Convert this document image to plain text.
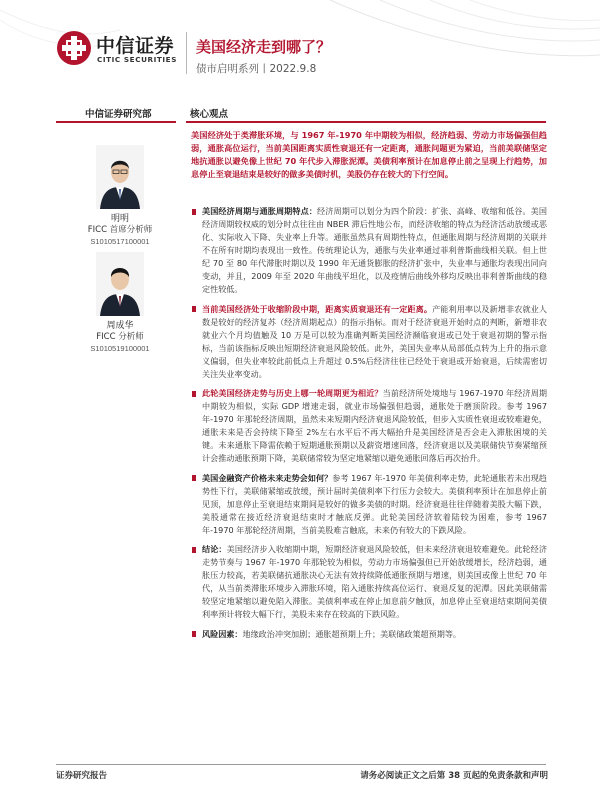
中信证券
CITIC SECURITIES
美国经济走到哪了？
债市启明系列丨2022.9.8
中信证券研究部	核心观点
明明
FICC 首席分析师
S1010517100001
周成华
FICC 分析师
S1010519100001
美国经济处于类滞胀环境，与 1967 年-1970 年中期较为相似，经济趋弱、劳动力市场偏强但趋弱，通胀高位运行，当前美国距离实质性衰退还有一定距离，通胀问题更为紧迫，当前美联储坚定地抗通胀以避免像上世纪 70 年代步入滞胀泥潭。美债利率预计在加息停止前之呈现上行趋势，加息停止至衰退结束是较好的做多美债时机，美股仍存在较大的下行空间。
美国经济周期与通胀周期特点：经济周期可以划分为四个阶段：扩张、高峰、收缩和低谷。美国经济周期较权威的划分时点往往由 NBER 滞后性地公布，而经济收缩的特点为经济活动放缓或恶化、实际收入下降、失业率上升等。通胀虽然具有周期性特点，但通胀周期与经济周期的关联并不在所有时期均表现出一致性。传统理论认为，通胀与失业率通过菲利普斯曲线相关联。但上世纪 70 至 80 年代滞胀时期以及 1990 年无通货膨胀的经济扩张中，失业率与通胀均表现出同向变动，并且，2009 年至 2020 年曲线平坦化，以及疫情后曲线外移均反映出菲利普斯曲线的稳定性较低。
当前美国经济处于收缩阶段中期，距离实质衰退还有一定距离。产能利用率以及新增非农就业人数是较好的经济复苏（经济周期起点）的指示指标。而对于经济衰退开始时点的判断，新增非农就业六个月均值触及 10 万是可以较为准确判断美国经济濒临衰退或已处于衰退初期的警示指标，当前该指标反映出短期经济衰退风险较低。此外，美国失业率从局部低点转为上升的指示意义偏弱，但失业率较此前低点上升超过 0.5%后经济往往已经处于衰退或开始衰退，后续需密切关注失业率变动。
此轮美国经济走势与历史上哪一轮周期更为相近？当前经济所处境地与 1967-1970 年经济周期中期较为相似，实际 GDP 增速走弱，就业市场偏强但趋弱，通胀处于磨顶阶段。参考 1967 年-1970 年那轮经济周期，虽然未来短期内经济衰退风险较低，但步入实质性衰退或较难避免，通胀未来是否会持续下降至 2%左右水平后不再大幅抬升是美国经济是否会走入滞胀困境的关键。未来通胀下降需依赖于短期通胀预期以及薪资增速回落，经济衰退以及美联储快节奏紧缩预计会推动通胀预期下降，美联储常较为坚定地紧缩以避免通胀回落后再次抬升。
美国金融资产价格未来走势会如何？参考 1967 年-1970 年美债利率走势，此轮通胀若未出现趋势性下行，美联储紧缩或放缓，预计届时美债利率下行压力会较大。美债利率预计在加息停止前见顶，加息停止至衰退结束期间是较好的做多美债的时期。经济衰退往往伴随着美股大幅下跌，美股通常在接近经济衰退结束时才触底反弹。此轮美国经济软着陆较为困难，参考 1967 年-1970 年那轮经济周期，当前美股难言触底，未来仍有较大的下跌风险。
结论：美国经济步入收缩期中期，短期经济衰退风险较低，但未来经济衰退较难避免。此轮经济走势节奏与 1967 年-1970 年那轮较为相似，劳动力市场偏强但已开始放缓增长，经济趋弱，通胀压力较高，若美联储抗通胀决心无法有效持续降低通胀预期与增速，则美国或像上世纪 70 年代，从当前类滞胀环境步入滞胀环境，陷入通胀持续高位运行、衰退反复的泥潭。因此美联储需较坚定地紧缩以避免陷入滞胀。美债利率或在停止加息前夕触顶，加息停止至衰退结束期间美债利率预计将较大幅下行，美股未来存在较高的下跌风险。
风险因素：地缘政治冲突加剧；通胀超预期上升；美联储政策超预期等。
证券研究报告	请务必阅读正文之后第 38 页起的免责条款和声明
